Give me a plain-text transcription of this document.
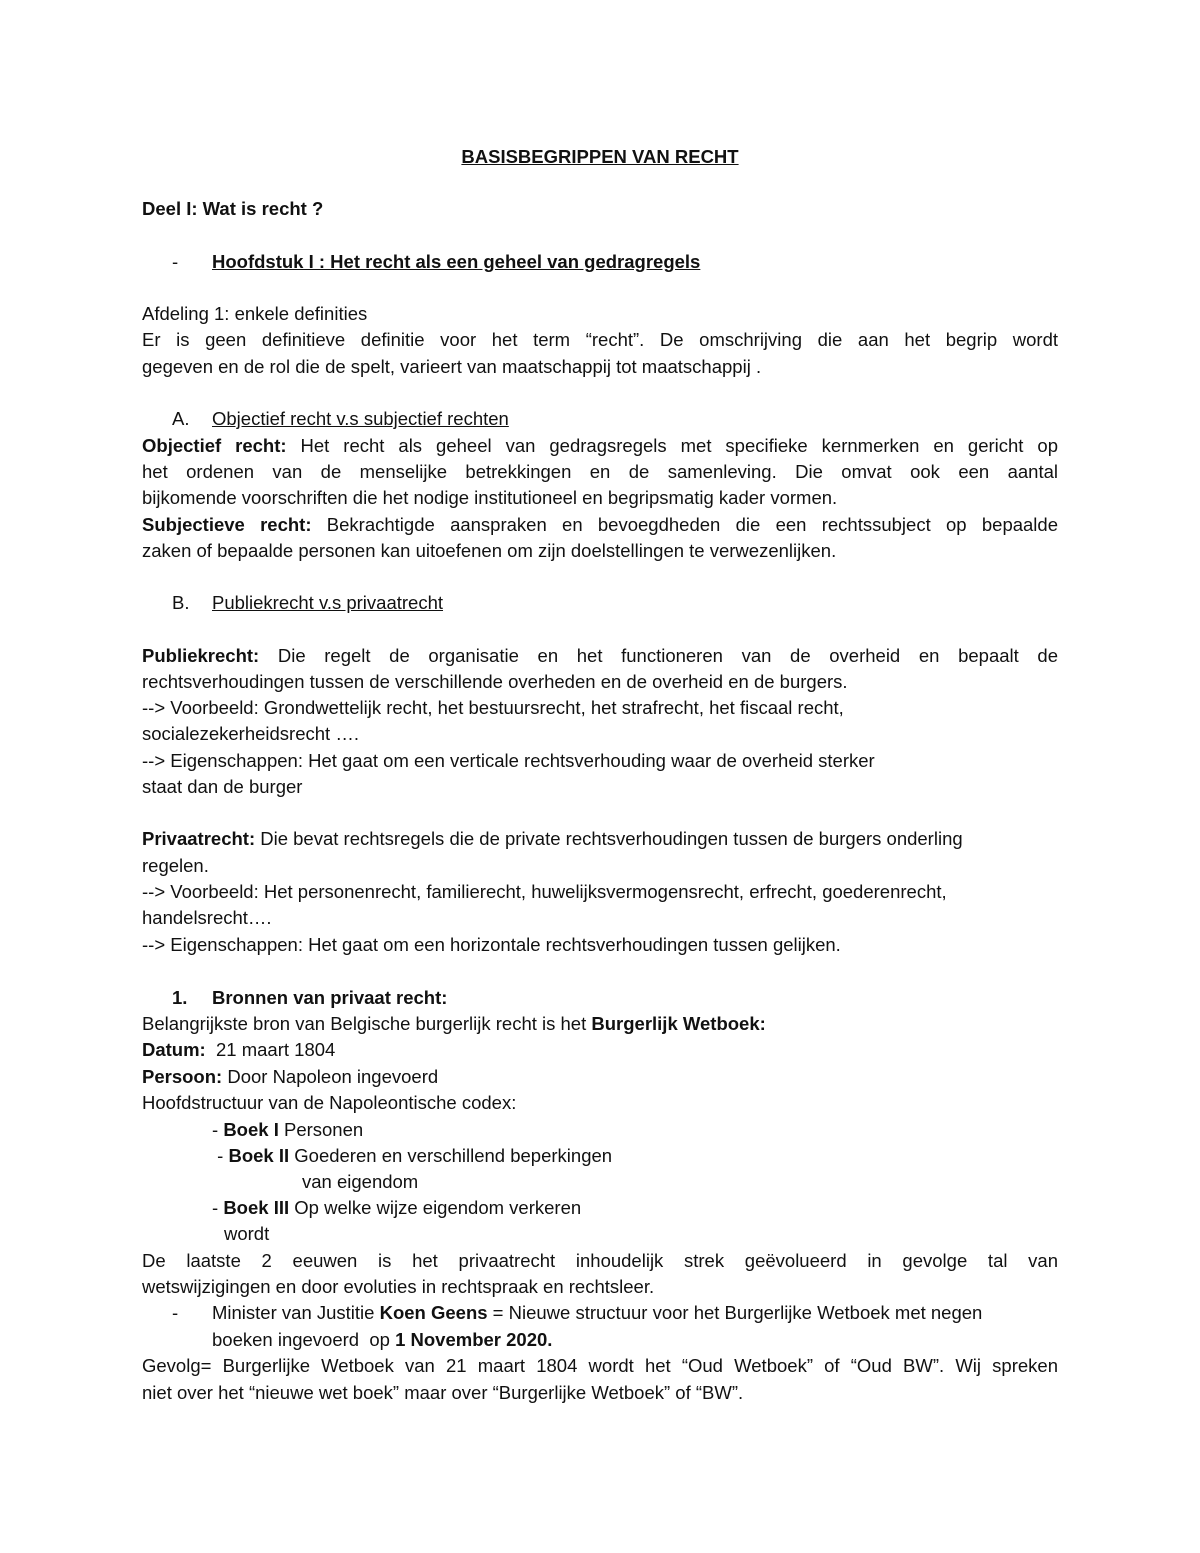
BASISBEGRIPPEN VAN RECHT
Deel I: Wat is recht ?
- Hoofdstuk I : Het recht als een geheel van gedragregels
Afdeling 1: enkele definities
Er is geen definitieve definitie voor het term “recht”. De omschrijving die aan het begrip wordt
gegeven en de rol die de spelt, varieert van maatschappij tot maatschappij .
A. Objectief recht v.s subjectief rechten
Objectief recht: Het recht als geheel van gedragsregels met specifieke kernmerken en gericht op
het ordenen van de menselijke betrekkingen en de samenleving. Die omvat ook een aantal
bijkomende voorschriften die het nodige institutioneel en begripsmatig kader vormen.
Subjectieve recht: Bekrachtigde aanspraken en bevoegdheden die een rechtssubject op bepaalde
zaken of bepaalde personen kan uitoefenen om zijn doelstellingen te verwezenlijken.
B. Publiekrecht v.s privaatrecht
Publiekrecht: Die regelt de organisatie en het functioneren van de overheid en bepaalt de
rechtsverhoudingen tussen de verschillende overheden en de overheid en de burgers.
--> Voorbeeld: Grondwettelijk recht, het bestuursrecht, het strafrecht, het fiscaal recht,
socialezekerheidsrecht ….
--> Eigenschappen: Het gaat om een verticale rechtsverhouding waar de overheid sterker
staat dan de burger
Privaatrecht: Die bevat rechtsregels die de private rechtsverhoudingen tussen de burgers onderling
regelen.
--> Voorbeeld: Het personenrecht, familierecht, huwelijksvermogensrecht, erfrecht, goederenrecht,
handelsrecht….
--> Eigenschappen: Het gaat om een horizontale rechtsverhoudingen tussen gelijken.
1. Bronnen van privaat recht:
Belangrijkste bron van Belgische burgerlijk recht is het Burgerlijk Wetboek:
Datum:  21 maart 1804
Persoon: Door Napoleon ingevoerd
Hoofdstructuur van de Napoleontische codex:
- Boek I Personen
- Boek II Goederen en verschillend beperkingen
van eigendom
- Boek III Op welke wijze eigendom verkeren
wordt
De laatste 2 eeuwen is het privaatrecht inhoudelijk strek geëvolueerd in gevolge tal van
wetswijzigingen en door evoluties in rechtspraak en rechtsleer.
- Minister van Justitie Koen Geens = Nieuwe structuur voor het Burgerlijke Wetboek met negen
boeken ingevoerd  op 1 November 2020.
Gevolg= Burgerlijke Wetboek van 21 maart 1804 wordt het “Oud Wetboek” of “Oud BW”. Wij spreken
niet over het “nieuwe wet boek” maar over “Burgerlijke Wetboek” of “BW”.
